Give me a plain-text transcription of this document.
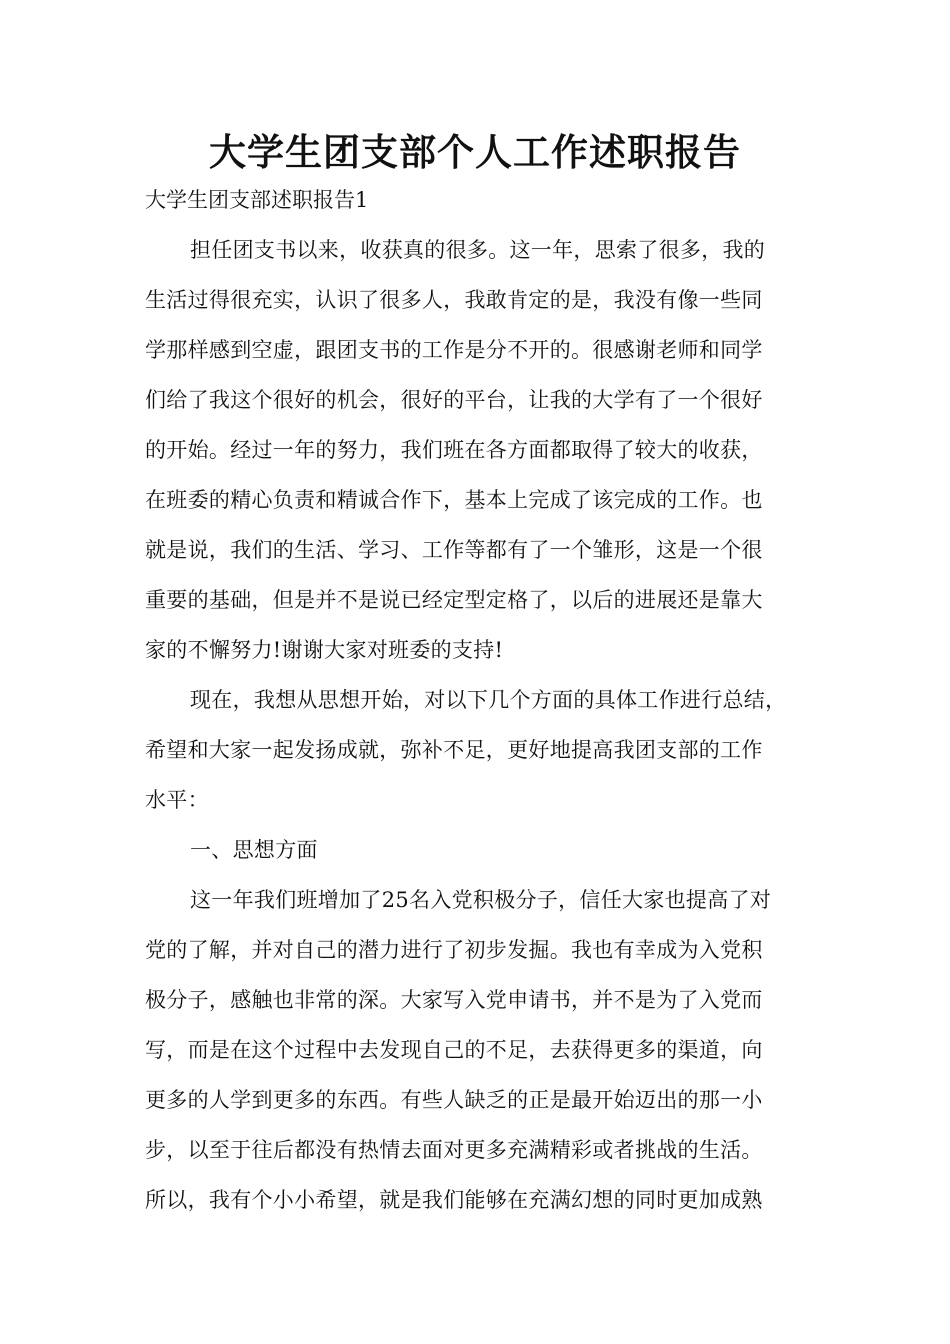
大学生团支部个人工作述职报告
大学生团支部述职报告1
担任团支书以来，收获真的很多。这一年，思索了很多，我的
生活过得很充实，认识了很多人，我敢肯定的是，我没有像一些同
学那样感到空虚，跟团支书的工作是分不开的。很感谢老师和同学
们给了我这个很好的机会，很好的平台，让我的大学有了一个很好
的开始。经过一年的努力，我们班在各方面都取得了较大的收获，
在班委的精心负责和精诚合作下，基本上完成了该完成的工作。也
就是说，我们的生活、学习、工作等都有了一个雏形，这是一个很
重要的基础，但是并不是说已经定型定格了，以后的进展还是靠大
家的不懈努力!谢谢大家对班委的支持!
现在，我想从思想开始，对以下几个方面的具体工作进行总结，
希望和大家一起发扬成就，弥补不足，更好地提高我团支部的工作
水平：
一、思想方面
这一年我们班增加了25名入党积极分子，信任大家也提高了对
党的了解，并对自己的潜力进行了初步发掘。我也有幸成为入党积
极分子，感触也非常的深。大家写入党申请书，并不是为了入党而
写，而是在这个过程中去发现自己的不足，去获得更多的渠道，向
更多的人学到更多的东西。有些人缺乏的正是最开始迈出的那一小
步，以至于往后都没有热情去面对更多充满精彩或者挑战的生活。
所以，我有个小小希望，就是我们能够在充满幻想的同时更加成熟
